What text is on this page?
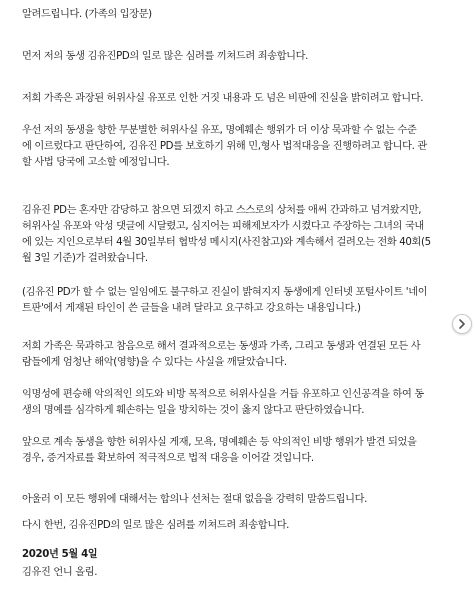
알려드립니다. (가족의 입장문)
먼저 저의 동생 김유진PD의 일로 많은 심려를 끼쳐드려 죄송합니다.
저희 가족은 과장된 허위사실 유포로 인한 거짓 내용과 도 넘은 비판에 진실을 밝히려고 합니다.
우선 저의 동생을 향한 무분별한 허위사실 유포, 명예훼손 행위가 더 이상 묵과할 수 없는 수준
에 이르렀다고 판단하여, 김유진 PD를 보호하기 위해 민,형사 법적대응을 진행하려고 합니다. 관
할 사법 당국에 고소할 예정입니다.
김유진 PD는 혼자만 감당하고 참으면 되겠지 하고 스스로의 상처를 애써 간과하고 넘겨왔지만,
허위사실 유포와 악성 댓글에 시달렸고, 심지어는 피해제보자가 시켰다고 주장하는 그녀의 국내
에 있는 지인으로부터 4월 30일부터 협박성 메시지(사진참고)와 계속해서 걸려오는 전화 40회(5
월 3일 기준)가 걸려왔습니다.
(김유진 PD가 할 수 없는 일임에도 불구하고 진실이 밝혀지지 동생에게 인터넷 포털사이트 '네이
트판'에서 게재된 타인이 쓴 글들을 내려 달라고 요구하고 강요하는 내용입니다.)
저희 가족은 묵과하고 참음으로 해서 결과적으로는 동생과 가족, 그리고 동생과 연결된 모든 사
람들에게 엄청난 해악(영향)을 수 있다는 사실을 깨달았습니다.
익명성에 편승해 악의적인 의도와 비방 목적으로 허위사실을 거듭 유포하고 인신공격을 하여 동
생의 명예를 심각하게 훼손하는 일을 방치하는 것이 옳지 않다고 판단하였습니다.
앞으로 계속 동생을 향한 허위사실 게재, 모욕, 명예훼손 등 악의적인 비방 행위가 발견 되었을
경우, 증거자료를 확보하여 적극적으로 법적 대응을 이어갈 것입니다.
아울러 이 모든 행위에 대해서는 합의나 선처는 절대 없음을 강력히 말씀드립니다.
다시 한번, 김유진PD의 일로 많은 심려를 끼쳐드려 죄송합니다.
2020년 5월 4일
김유진 언니 올림.
